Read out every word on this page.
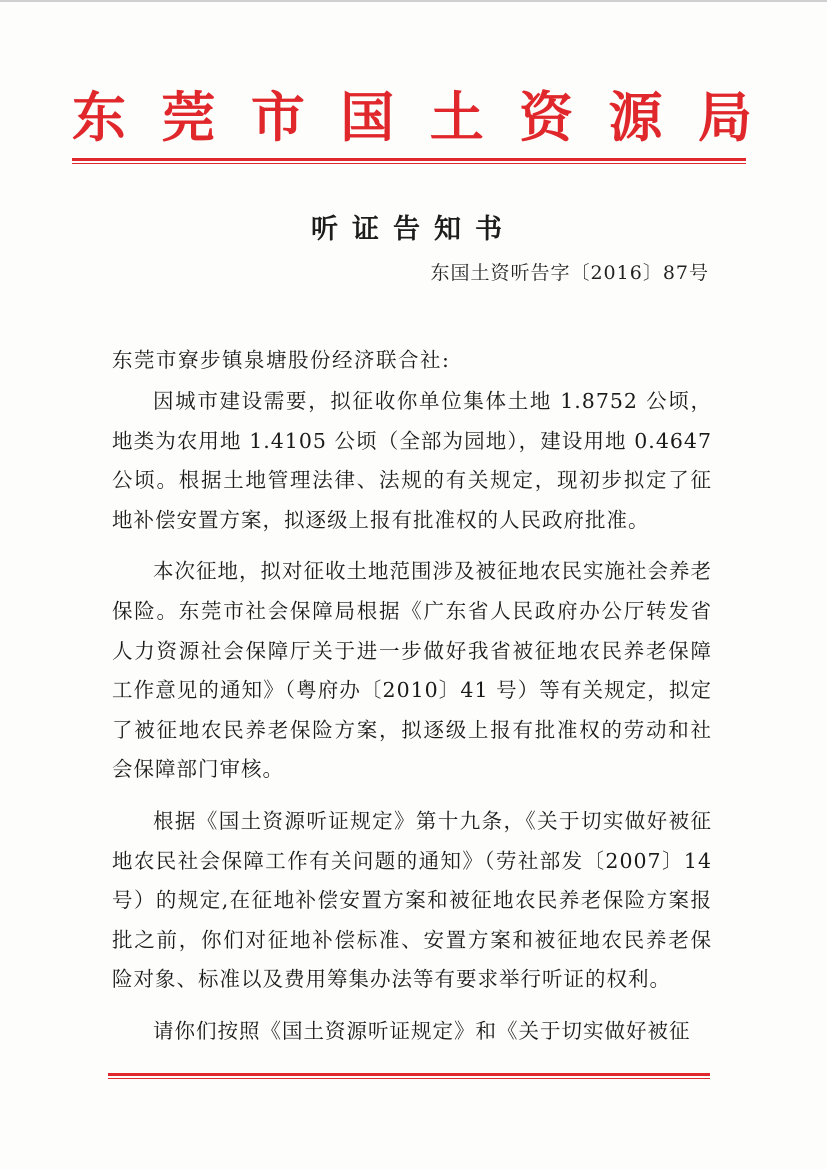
东 莞 市 国 土 资 源 局
听证告知书
东国土资听告字〔2016〕87号
东莞市寮步镇泉塘股份经济联合社:

因城市建设需要，拟征收你单位集体土地 1.8752 公顷，地类为农用地 1.4105 公顷（全部为园地），建设用地 0.4647 公顷。根据土地管理法律、法规的有关规定，现初步拟定了征地补偿安置方案，拟逐级上报有批准权的人民政府批准。

本次征地，拟对征收土地范围涉及被征地农民实施社会养老保险。东莞市社会保障局根据《广东省人民政府办公厅转发省人力资源社会保障厅关于进一步做好我省被征地农民养老保障工作意见的通知》（粤府办〔2010〕41 号）等有关规定，拟定了被征地农民养老保险方案，拟逐级上报有批准权的劳动和社会保障部门审核。

根据《国土资源听证规定》第十九条，《关于切实做好被征地农民社会保障工作有关问题的通知》（劳社部发〔2007〕14 号）的规定,在征地补偿安置方案和被征地农民养老保险方案报批之前，你们对征地补偿标准、安置方案和被征地农民养老保险对象、标准以及费用筹集办法等有要求举行听证的权利。

请你们按照《国土资源听证规定》和《关于切实做好被征
